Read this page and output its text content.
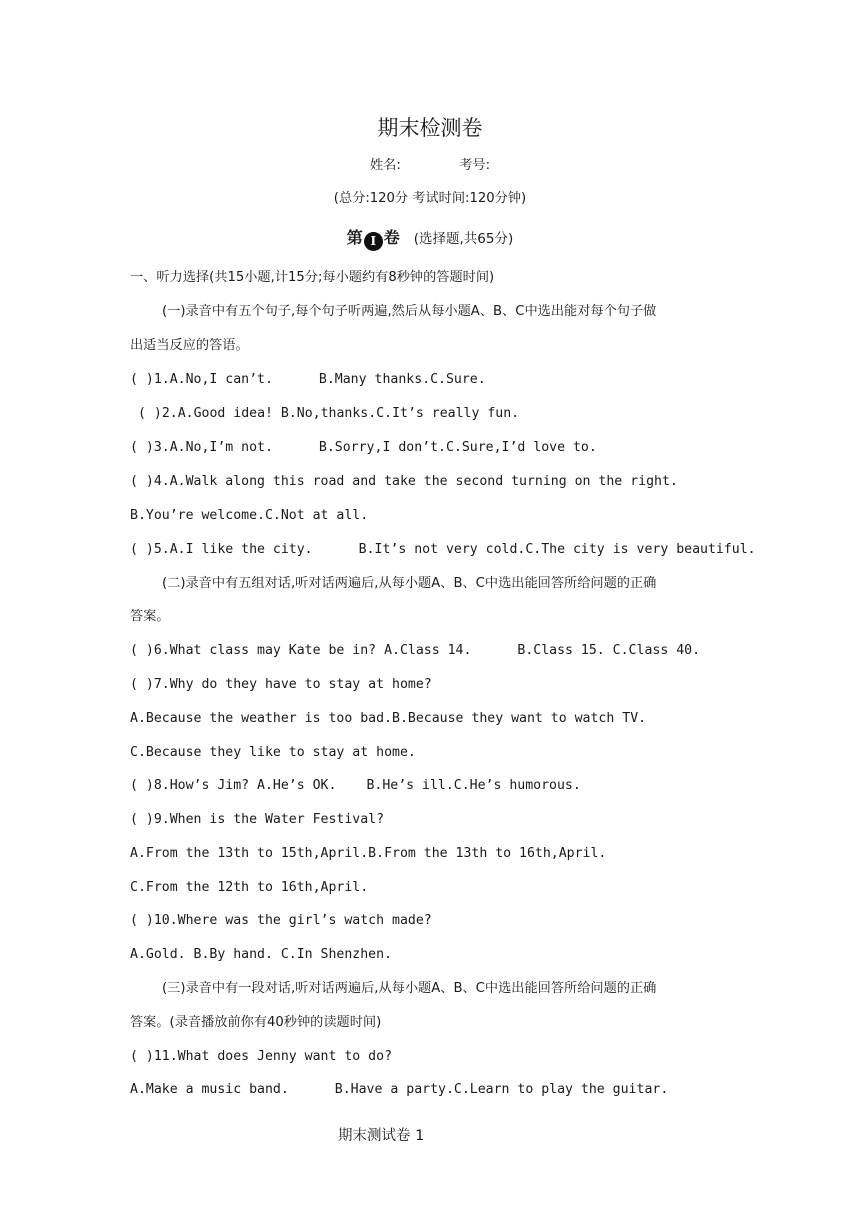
期末检测卷
姓名:	考号:
(总分:120分 考试时间:120分钟)
第 I 卷 (选择题,共65分)
一、听力选择(共15小题,计15分;每小题约有8秒钟的答题时间)
(一)录音中有五个句子,每个句子听两遍,然后从每小题A、B、C中选出能对每个句子做
出适当反应的答语。
( )1.A.No,I can’t.	B.Many thanks.C.Sure.
( )2.A.Good idea! B.No,thanks.C.It’s really fun.
( )3.A.No,I’m not.	B.Sorry,I don’t.C.Sure,I’d love to.
( )4.A.Walk along this road and take the second turning on the right.
B.You’re welcome.C.Not at all.
( )5.A.I like the city.	B.It’s not very cold.C.The city is very beautiful.
(二)录音中有五组对话,听对话两遍后,从每小题A、B、C中选出能回答所给问题的正确
答案。
( )6.What class may Kate be in? A.Class 14.	B.Class 15. C.Class 40.
( )7.Why do they have to stay at home?
A.Because the weather is too bad.B.Because they want to watch TV.
C.Because they like to stay at home.
( )8.How’s Jim? A.He’s OK. B.He’s ill.C.He’s humorous.
( )9.When is the Water Festival?
A.From the 13th to 15th,April.B.From the 13th to 16th,April.
C.From the 12th to 16th,April.
( )10.Where was the girl’s watch made?
A.Gold. B.By hand. C.In Shenzhen.
(三)录音中有一段对话,听对话两遍后,从每小题A、B、C中选出能回答所给问题的正确
答案。(录音播放前你有40秒钟的读题时间)
( )11.What does Jenny want to do?
A.Make a music band.	B.Have a party.C.Learn to play the guitar.
期末测试卷 1
